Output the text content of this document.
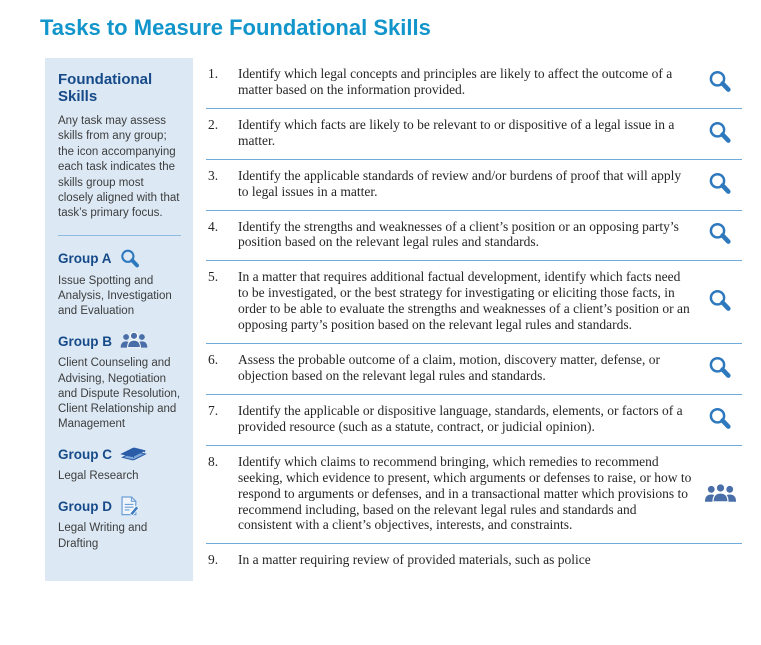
Tasks to Measure Foundational Skills
Foundational Skills

Any task may assess skills from any group; the icon accompanying each task indicates the skills group most closely aligned with that task’s primary focus.

Group A
Issue Spotting and Analysis, Investigation and Evaluation
Group B
Client Counseling and Advising, Negotiation and Dispute Resolution, Client Relationship and Management
Group C
Legal Research
Group D
Legal Writing and Drafting
1.	Identify which legal concepts and principles are likely to affect the outcome of a matter based on the information provided.
2.	Identify which facts are likely to be relevant to or dispositive of a legal issue in a matter.
3.	Identify the applicable standards of review and/or burdens of proof that will apply to legal issues in a matter.
4.	Identify the strengths and weaknesses of a client’s position or an opposing party’s position based on the relevant legal rules and standards.
5.	In a matter that requires additional factual development, identify which facts need to be investigated, or the best strategy for investigating or eliciting those facts, in order to be able to evaluate the strengths and weaknesses of a client’s position or an opposing party’s position based on the relevant legal rules and standards.
6.	Assess the probable outcome of a claim, motion, discovery matter, defense, or objection based on the relevant legal rules and standards.
7.	Identify the applicable or dispositive language, standards, elements, or factors of a provided resource (such as a statute, contract, or judicial opinion).
8.	Identify which claims to recommend bringing, which remedies to recommend seeking, which evidence to present, which arguments or defenses to raise, or how to respond to arguments or defenses, and in a transactional matter which provisions to recommend including, based on the relevant legal rules and standards and consistent with a client’s objectives, interests, and constraints.
9.	In a matter requiring review of provided materials, such as police
